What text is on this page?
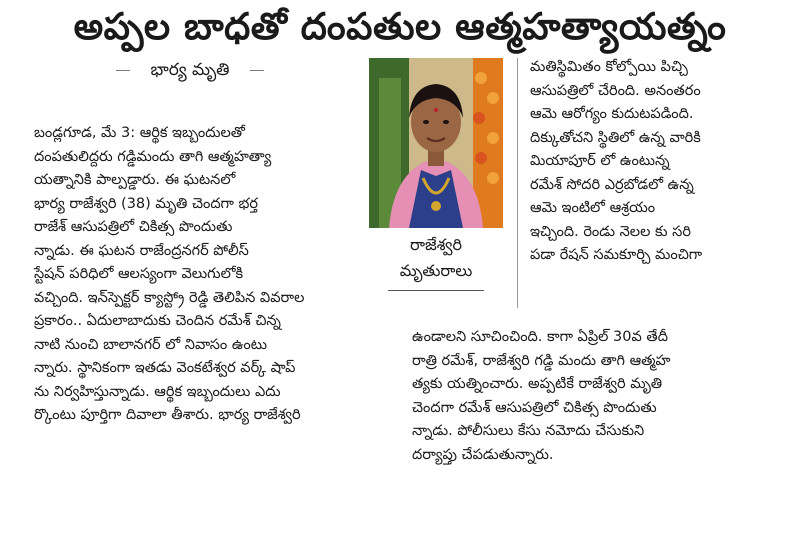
అప్పల బాధతో దంపతుల ఆత్మహత్యాయత్నం
భార్య మృతి
బండ్లగూడ, మే 3: ఆర్థిక ఇబ్బందులతో
దంపతులిద్దరు గడ్డిమందు తాగి ఆత్మహత్యా
యత్నానికి పాల్పడ్డారు. ఈ ఘటనలో
భార్య రాజేశ్వరి (38) మృతి చెందగా భర్త
రాజేశ్ ఆసుపత్రిలో చికిత్స పొందుతు
న్నాడు. ఈ ఘటన రాజేంద్రనగర్ పోలీస్
స్టేషన్ పరిధిలో ఆలస్యంగా వెలుగులోకి
వచ్చింది. ఇన్‌స్పెక్టర్ క్యాస్ట్రో రెడ్డి తెలిపిన వివరాల
ప్రకారం.. ఏదులాబాదుకు చెందిన రమేశ్ చిన్న
నాటి నుంచి బాలానగర్ లో నివాసం ఉంటు
న్నారు. స్థానికంగా ఇతడు వెంకటేశ్వర వర్క్ షాప్
ను నిర్వహిస్తున్నాడు. ఆర్థిక ఇబ్బందులు ఎదు
ర్కొంటు పూర్తిగా దివాలా తీశారు. భార్య రాజేశ్వరి
రాజేశ్వరి
మృతురాలు
మతిస్థిమితం కోల్పోయి పిచ్చి
ఆసుపత్రిలో చేరింది. అనంతరం
ఆమె ఆరోగ్యం కుదుటపడింది.
దిక్కుతోచని స్థితిలో ఉన్న వారికి
మియాపూర్ లో ఉంటున్న
రమేశ్ సోదరి ఎర్రబోడలో ఉన్న
ఆమె ఇంటిలో ఆశ్రయం
ఇచ్చింది. రెండు నెలల కు సరి
పడా రేషన్ సమకూర్చి మంచిగా
ఉండాలని సూచించింది. కాగా ఏప్రిల్ 30వ తేదీ
రాత్రి రమేశ్, రాజేశ్వరి గడ్డి మందు తాగి ఆత్మహ
త్యకు యత్నించారు. అప్పటికే రాజేశ్వరి మృతి
చెందగా రమేశ్ ఆసుపత్రిలో చికిత్స పొందుతు
న్నాడు. పోలీసులు కేసు నమోదు చేసుకుని
దర్యాప్తు చేపడుతున్నారు.
